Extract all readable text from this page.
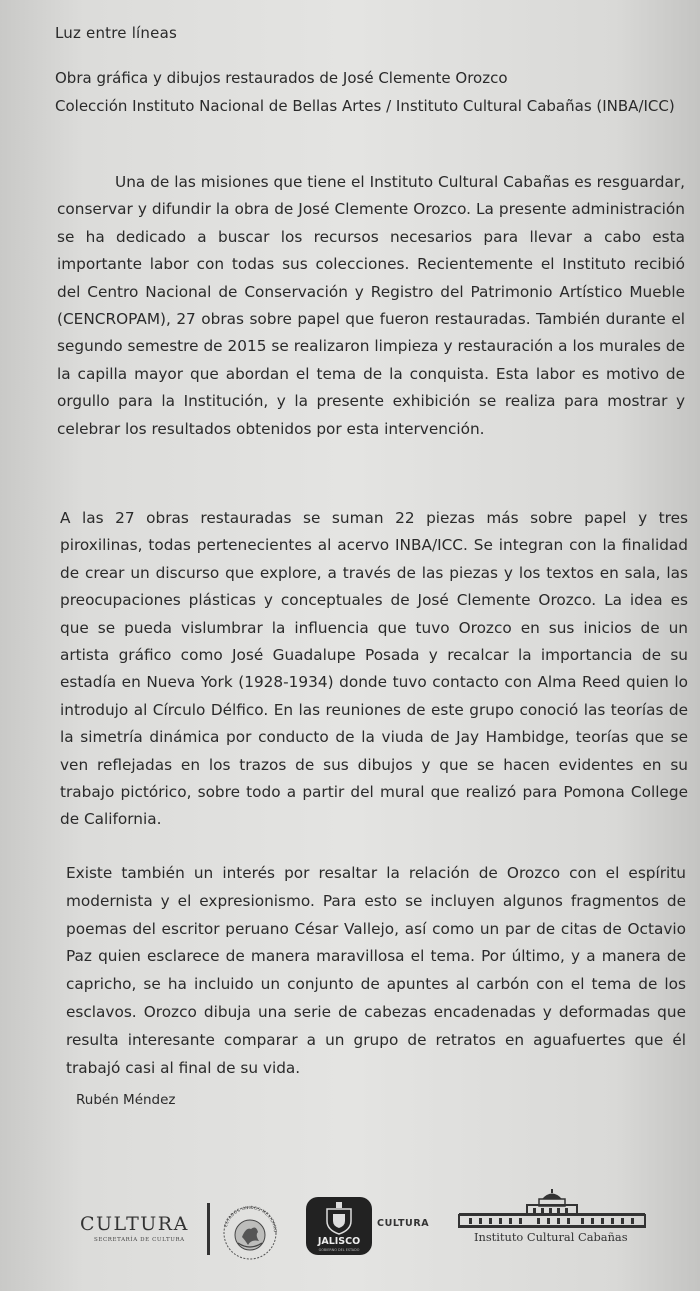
Luz entre líneas
Obra gráfica y dibujos restaurados de José Clemente Orozco
Colección Instituto Nacional de Bellas Artes / Instituto Cultural Cabañas (INBA/ICC)

Una de las misiones que tiene el Instituto Cultural Cabañas es resguardar, conservar y difundir la obra de José Clemente Orozco. La presente administración se ha dedicado a buscar los recursos necesarios para llevar a cabo esta importante labor con todas sus colecciones. Recientemente el Instituto recibió del Centro Nacional de Conservación y Registro del Patrimonio Artístico Mueble (CENCROPAM), 27 obras sobre papel que fueron restauradas. También durante el segundo semestre de 2015 se realizaron limpieza y restauración a los murales de la capilla mayor que abordan el tema de la conquista. Esta labor es motivo de orgullo para la Institución, y la presente exhibición se realiza para mostrar y celebrar los resultados obtenidos por esta intervención.

A las 27 obras restauradas se suman 22 piezas más sobre papel y tres piroxilinas, todas pertenecientes al acervo INBA/ICC. Se integran con la finalidad de crear un discurso que explore, a través de las piezas y los textos en sala, las preocupaciones plásticas y conceptuales de José Clemente Orozco. La idea es que se pueda vislumbrar la influencia que tuvo Orozco en sus inicios de un artista gráfico como José Guadalupe Posada y recalcar la importancia de su estadía en Nueva York (1928-1934) donde tuvo contacto con Alma Reed quien lo introdujo al Círculo Délfico. En las reuniones de este grupo conoció las teorías de la simetría dinámica por conducto de la viuda de Jay Hambidge, teorías que se ven reflejadas en los trazos de sus dibujos y que se hacen evidentes en su trabajo pictórico, sobre todo a partir del mural que realizó para Pomona College de California.

Existe también un interés por resaltar la relación de Orozco con el espíritu modernista y el expresionismo. Para esto se incluyen algunos fragmentos de poemas del escritor peruano César Vallejo, así como un par de citas de Octavio Paz quien esclarece de manera maravillosa el tema. Por último, y a manera de capricho, se ha incluido un conjunto de apuntes al carbón con el tema de los esclavos. Orozco dibuja una serie de cabezas encadenadas y deformadas que resulta interesante comparar a un grupo de retratos en aguafuertes que él trabajó casi al final de su vida.

Rubén Méndez
CULTURA
SECRETARÍA DE CULTURA
ESTADOS UNIDOS MEXICANO
JALISCO
GOBIERNO DEL ESTADO
CULTURA
Instituto Cultural Cabañas
